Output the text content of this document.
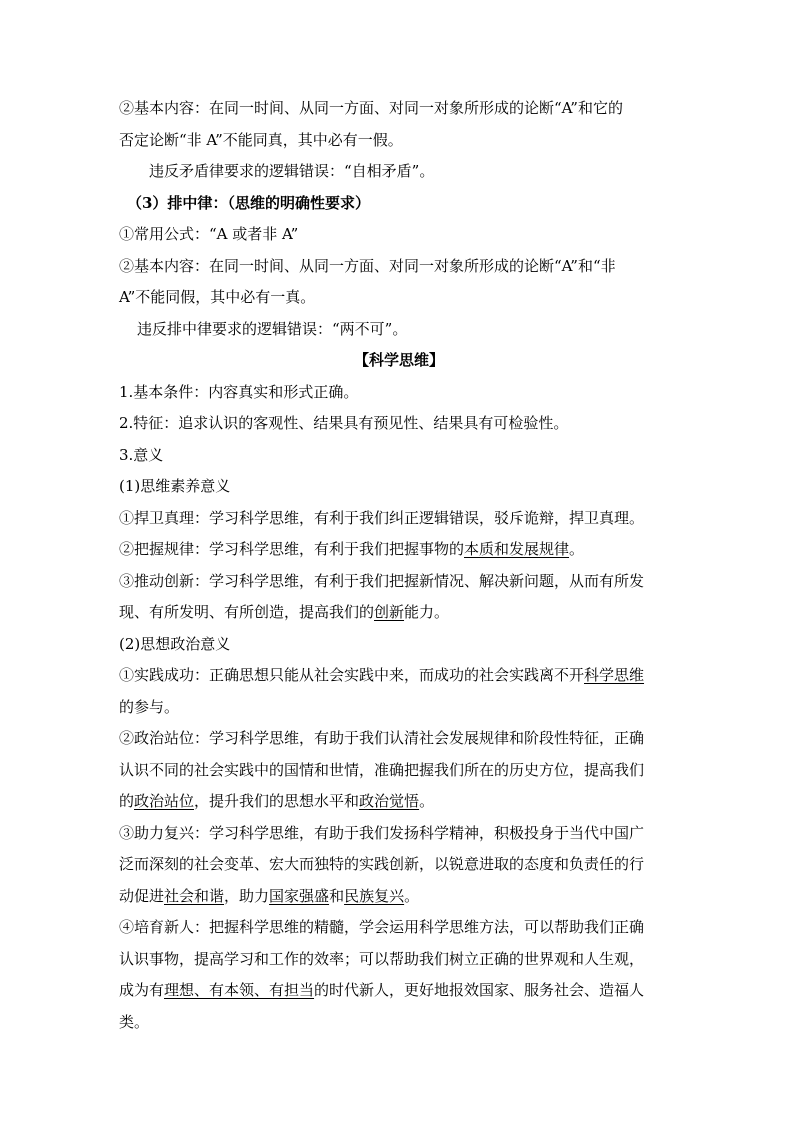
②基本内容：在同一时间、从同一方面、对同一对象所形成的论断“A”和它的
否定论断“非 A”不能同真，其中必有一假。
违反矛盾律要求的逻辑错误：“自相矛盾”。
（3）排中律：（思维的明确性要求）
①常用公式：“A 或者非 A”
②基本内容：在同一时间、从同一方面、对同一对象所形成的论断“A”和“非
A”不能同假，其中必有一真。
违反排中律要求的逻辑错误：“两不可”。
【科学思维】
1.基本条件：内容真实和形式正确。
2.特征：追求认识的客观性、结果具有预见性、结果具有可检验性。
3.意义
(1)思维素养意义
①捍卫真理：学习科学思维，有利于我们纠正逻辑错误，驳斥诡辩，捍卫真理。
②把握规律：学习科学思维，有利于我们把握事物的本质和发展规律。
③推动创新：学习科学思维，有利于我们把握新情况、解决新问题，从而有所发
现、有所发明、有所创造，提高我们的创新能力。
(2)思想政治意义
①实践成功：正确思想只能从社会实践中来，而成功的社会实践离不开科学思维
的参与。
②政治站位：学习科学思维，有助于我们认清社会发展规律和阶段性特征，正确
认识不同的社会实践中的国情和世情，准确把握我们所在的历史方位，提高我们
的政治站位，提升我们的思想水平和政治觉悟。
③助力复兴：学习科学思维，有助于我们发扬科学精神，积极投身于当代中国广
泛而深刻的社会变革、宏大而独特的实践创新，以锐意进取的态度和负责任的行
动促进社会和谐，助力国家强盛和民族复兴。
④培育新人：把握科学思维的精髓，学会运用科学思维方法，可以帮助我们正确
认识事物，提高学习和工作的效率；可以帮助我们树立正确的世界观和人生观，
成为有理想、有本领、有担当的时代新人，更好地报效国家、服务社会、造福人
类。
